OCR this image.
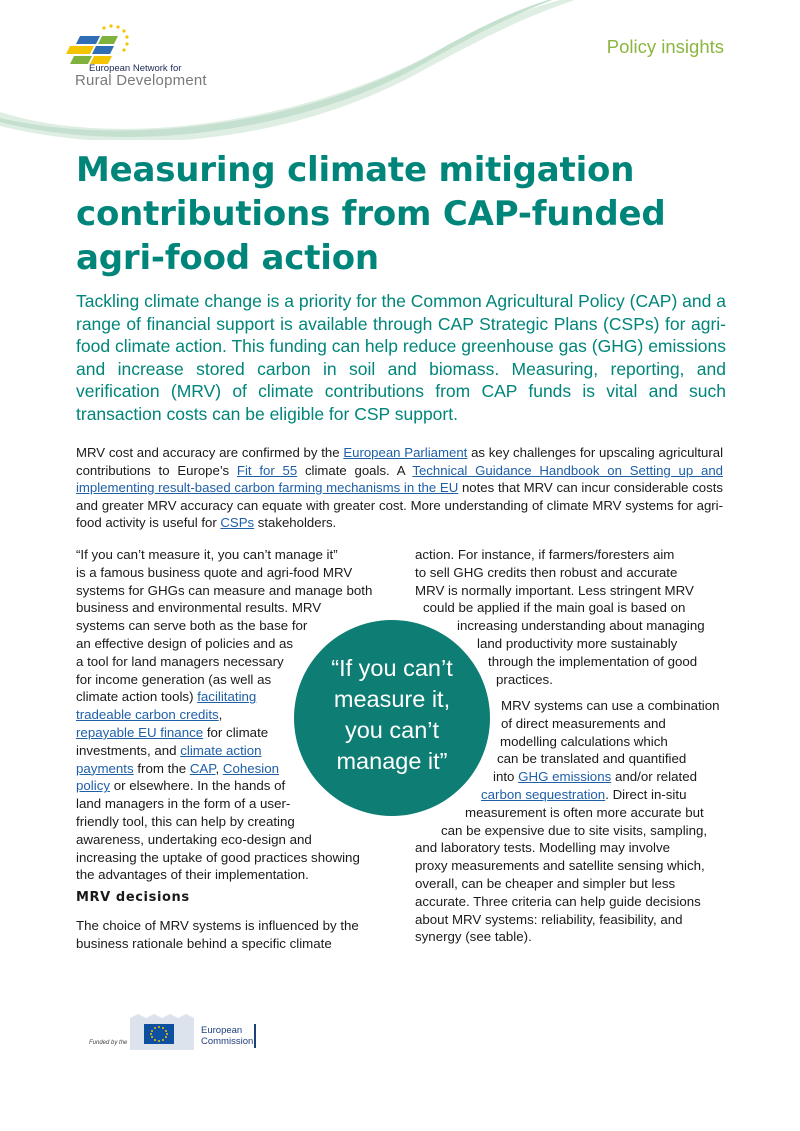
European Network for
Rural Development
Policy insights
Measuring climate mitigation
contributions from CAP-funded
agri-food action

Tackling climate change is a priority for the Common Agricultural Policy (CAP) and a range of financial support is available through CAP Strategic Plans (CSPs) for agri-food climate action. This funding can help reduce greenhouse gas (GHG) emissions and increase stored carbon in soil and biomass. Measuring, reporting, and verification (MRV) of climate contributions from CAP funds is vital and such transaction costs can be eligible for CSP support.

MRV cost and accuracy are confirmed by the European Parliament as key challenges for upscaling agricultural contributions to Europe’s Fit for 55 climate goals. A Technical Guidance Handbook on Setting up and implementing result-based carbon farming mechanisms in the EU notes that MRV can incur considerable costs and greater MRV accuracy can equate with greater cost. More understanding of climate MRV systems for agri-food activity is useful for CSPs stakeholders.

“If you can’t measure it, you can’t manage it”
is a famous business quote and agri-food MRV
systems for GHGs can measure and manage both
business and environmental results. MRV
systems can serve both as the base for
an effective design of policies and as
a tool for land managers necessary
for income generation (as well as
climate action tools) facilitating
tradeable carbon credits,
repayable EU finance for climate
investments, and climate action
payments from the CAP, Cohesion
policy or elsewhere. In the hands of
land managers in the form of a user-
friendly tool, this can help by creating
awareness, undertaking eco-design and
increasing the uptake of good practices showing
the advantages of their implementation.
MRV decisions
The choice of MRV systems is influenced by the
business rationale behind a specific climate
action. For instance, if farmers/foresters aim
to sell GHG credits then robust and accurate
MRV is normally important. Less stringent MRV
could be applied if the main goal is based on
increasing understanding about managing
land productivity more sustainably
through the implementation of good
practices.
MRV systems can use a combination
of direct measurements and
modelling calculations which
can be translated and quantified
into GHG emissions and/or related
carbon sequestration. Direct in-situ
measurement is often more accurate but
can be expensive due to site visits, sampling,
and laboratory tests. Modelling may involve
proxy measurements and satellite sensing which,
overall, can be cheaper and simpler but less
accurate. Three criteria can help guide decisions
about MRV systems: reliability, feasibility, and
synergy (see table).

“If you can’t
measure it,
you can’t
manage it”

Funded by the
European
Commission
